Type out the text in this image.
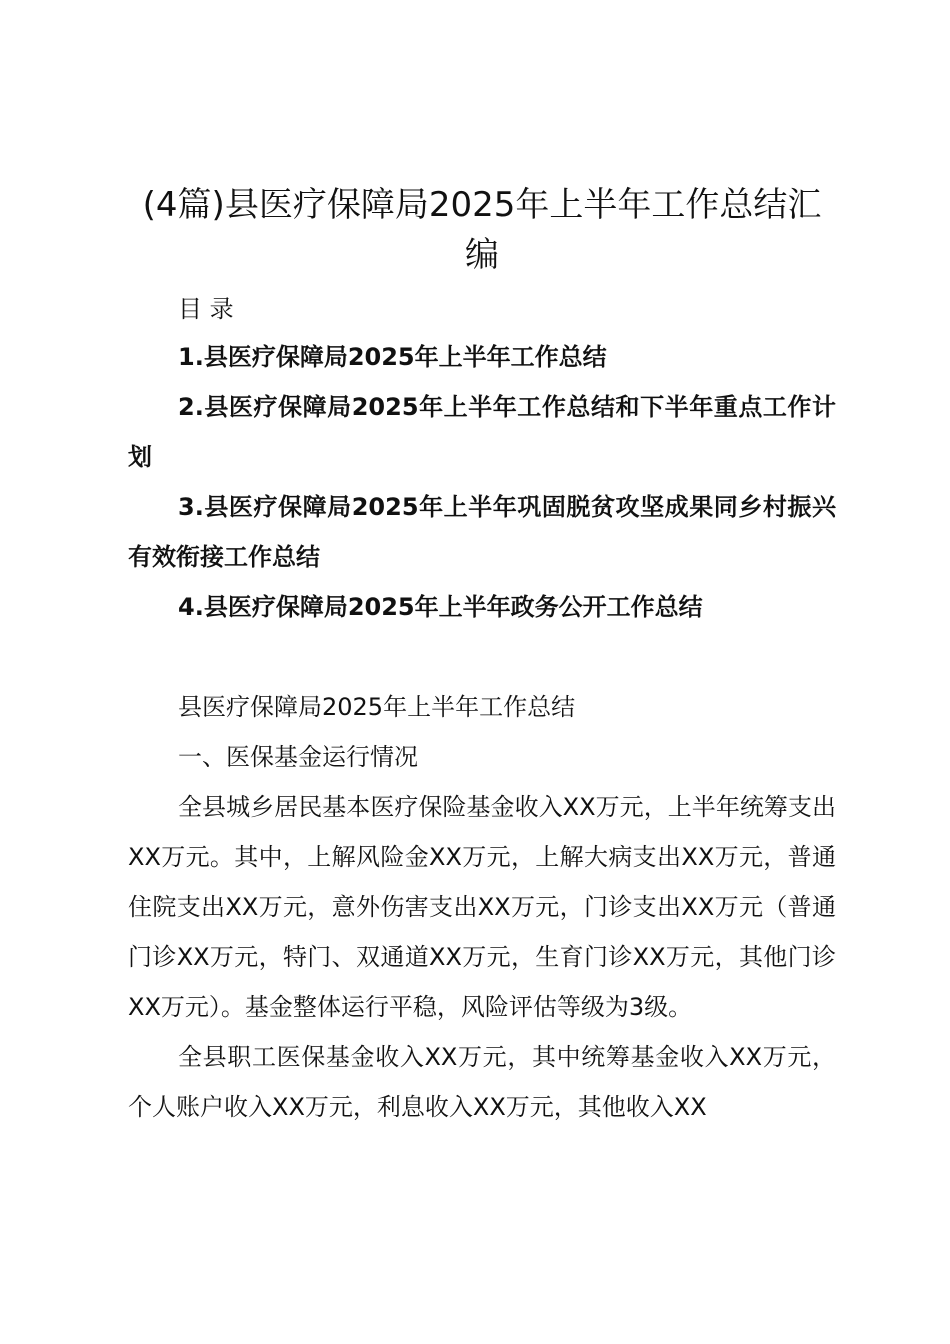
(4篇)县医疗保障局2025年上半年工作总结汇编
目 录

1.县医疗保障局2025年上半年工作总结

2.县医疗保障局2025年上半年工作总结和下半年重点工作计划

3.县医疗保障局2025年上半年巩固脱贫攻坚成果同乡村振兴有效衔接工作总结

4.县医疗保障局2025年上半年政务公开工作总结

县医疗保障局2025年上半年工作总结
一、医保基金运行情况

全县城乡居民基本医疗保险基金收入XX万元，上半年统筹支出XX万元。其中，上解风险金XX万元，上解大病支出XX万元，普通住院支出XX万元，意外伤害支出XX万元，门诊支出XX万元（普通门诊XX万元，特门、双通道XX万元，生育门诊XX万元，其他门诊XX万元）。基金整体运行平稳，风险评估等级为3级。

全县职工医保基金收入XX万元，其中统筹基金收入XX万元，个人账户收入XX万元，利息收入XX万元，其他收入XX
